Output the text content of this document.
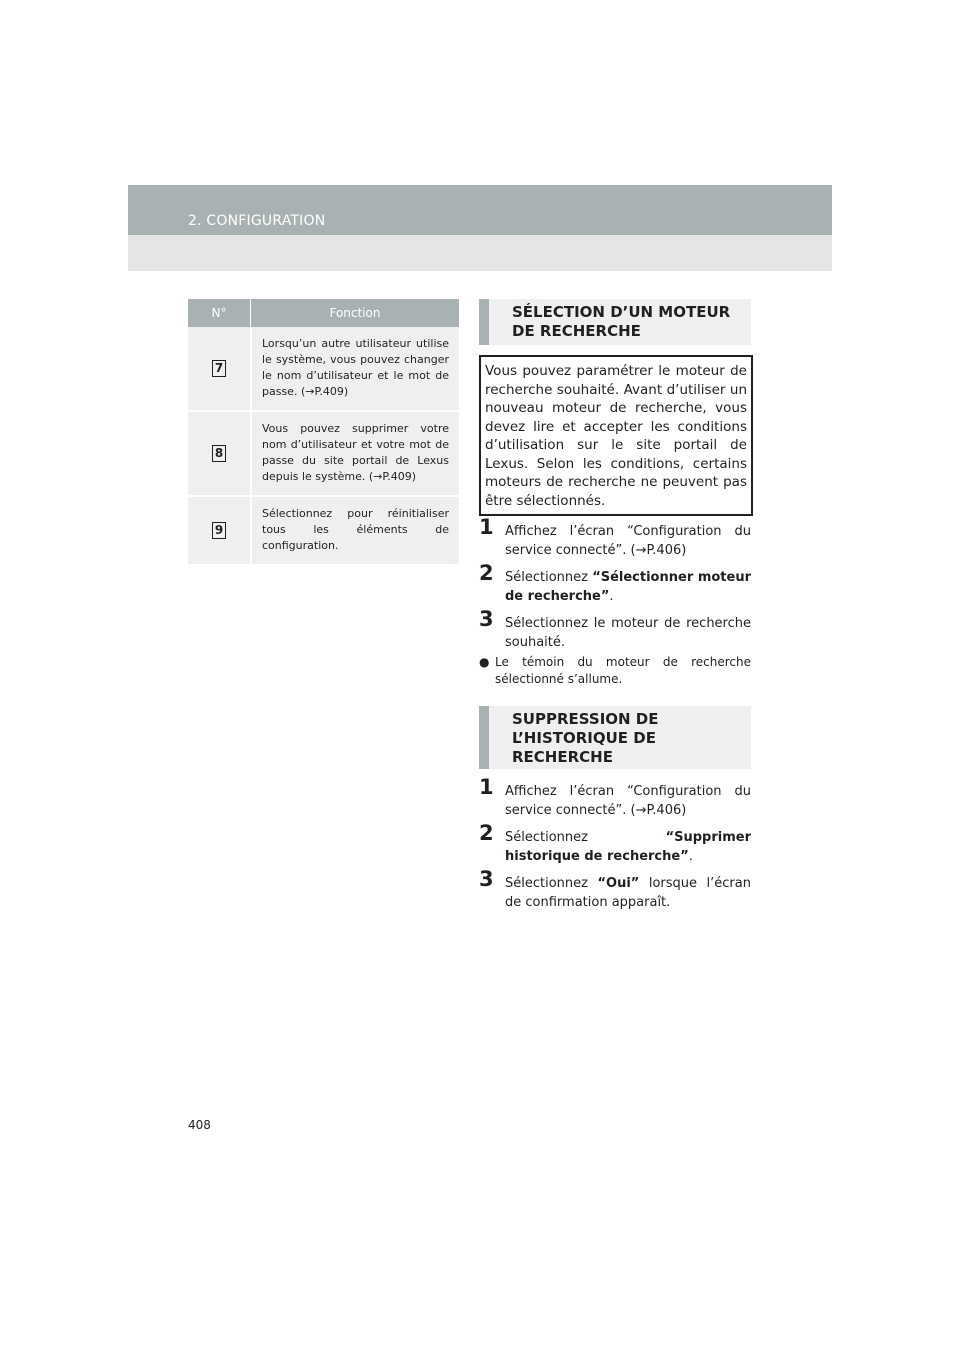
2. CONFIGURATION
N°	Fonction
7
Lorsqu’un autre utilisateur utilise le système, vous pouvez changer le nom d’utilisateur et le mot de passe. (→P.409)
8
Vous pouvez supprimer votre nom d’utilisateur et votre mot de passe du site portail de Lexus depuis le système. (→P.409)
9
Sélectionnez pour réinitialiser tous les éléments de configuration.
SÉLECTION D’UN MOTEUR DE RECHERCHE
Vous pouvez paramétrer le moteur de recherche souhaité. Avant d’utiliser un nouveau moteur de recherche, vous devez lire et accepter les conditions d’utilisation sur le site portail de Lexus. Selon les conditions, certains moteurs de recherche ne peuvent pas être sélectionnés.
1 Affichez l’écran “Configuration du service connecté”. (→P.406)
2 Sélectionnez “Sélectionner moteur de recherche”.
3 Sélectionnez le moteur de recherche souhaité.
● Le témoin du moteur de recherche sélectionné s’allume.
SUPPRESSION DE L’HISTORIQUE DE RECHERCHE
1 Affichez l’écran “Configuration du service connecté”. (→P.406)
2 Sélectionnez “Supprimer historique de recherche”.
3 Sélectionnez “Oui” lorsque l’écran de confirmation apparaît.
408
